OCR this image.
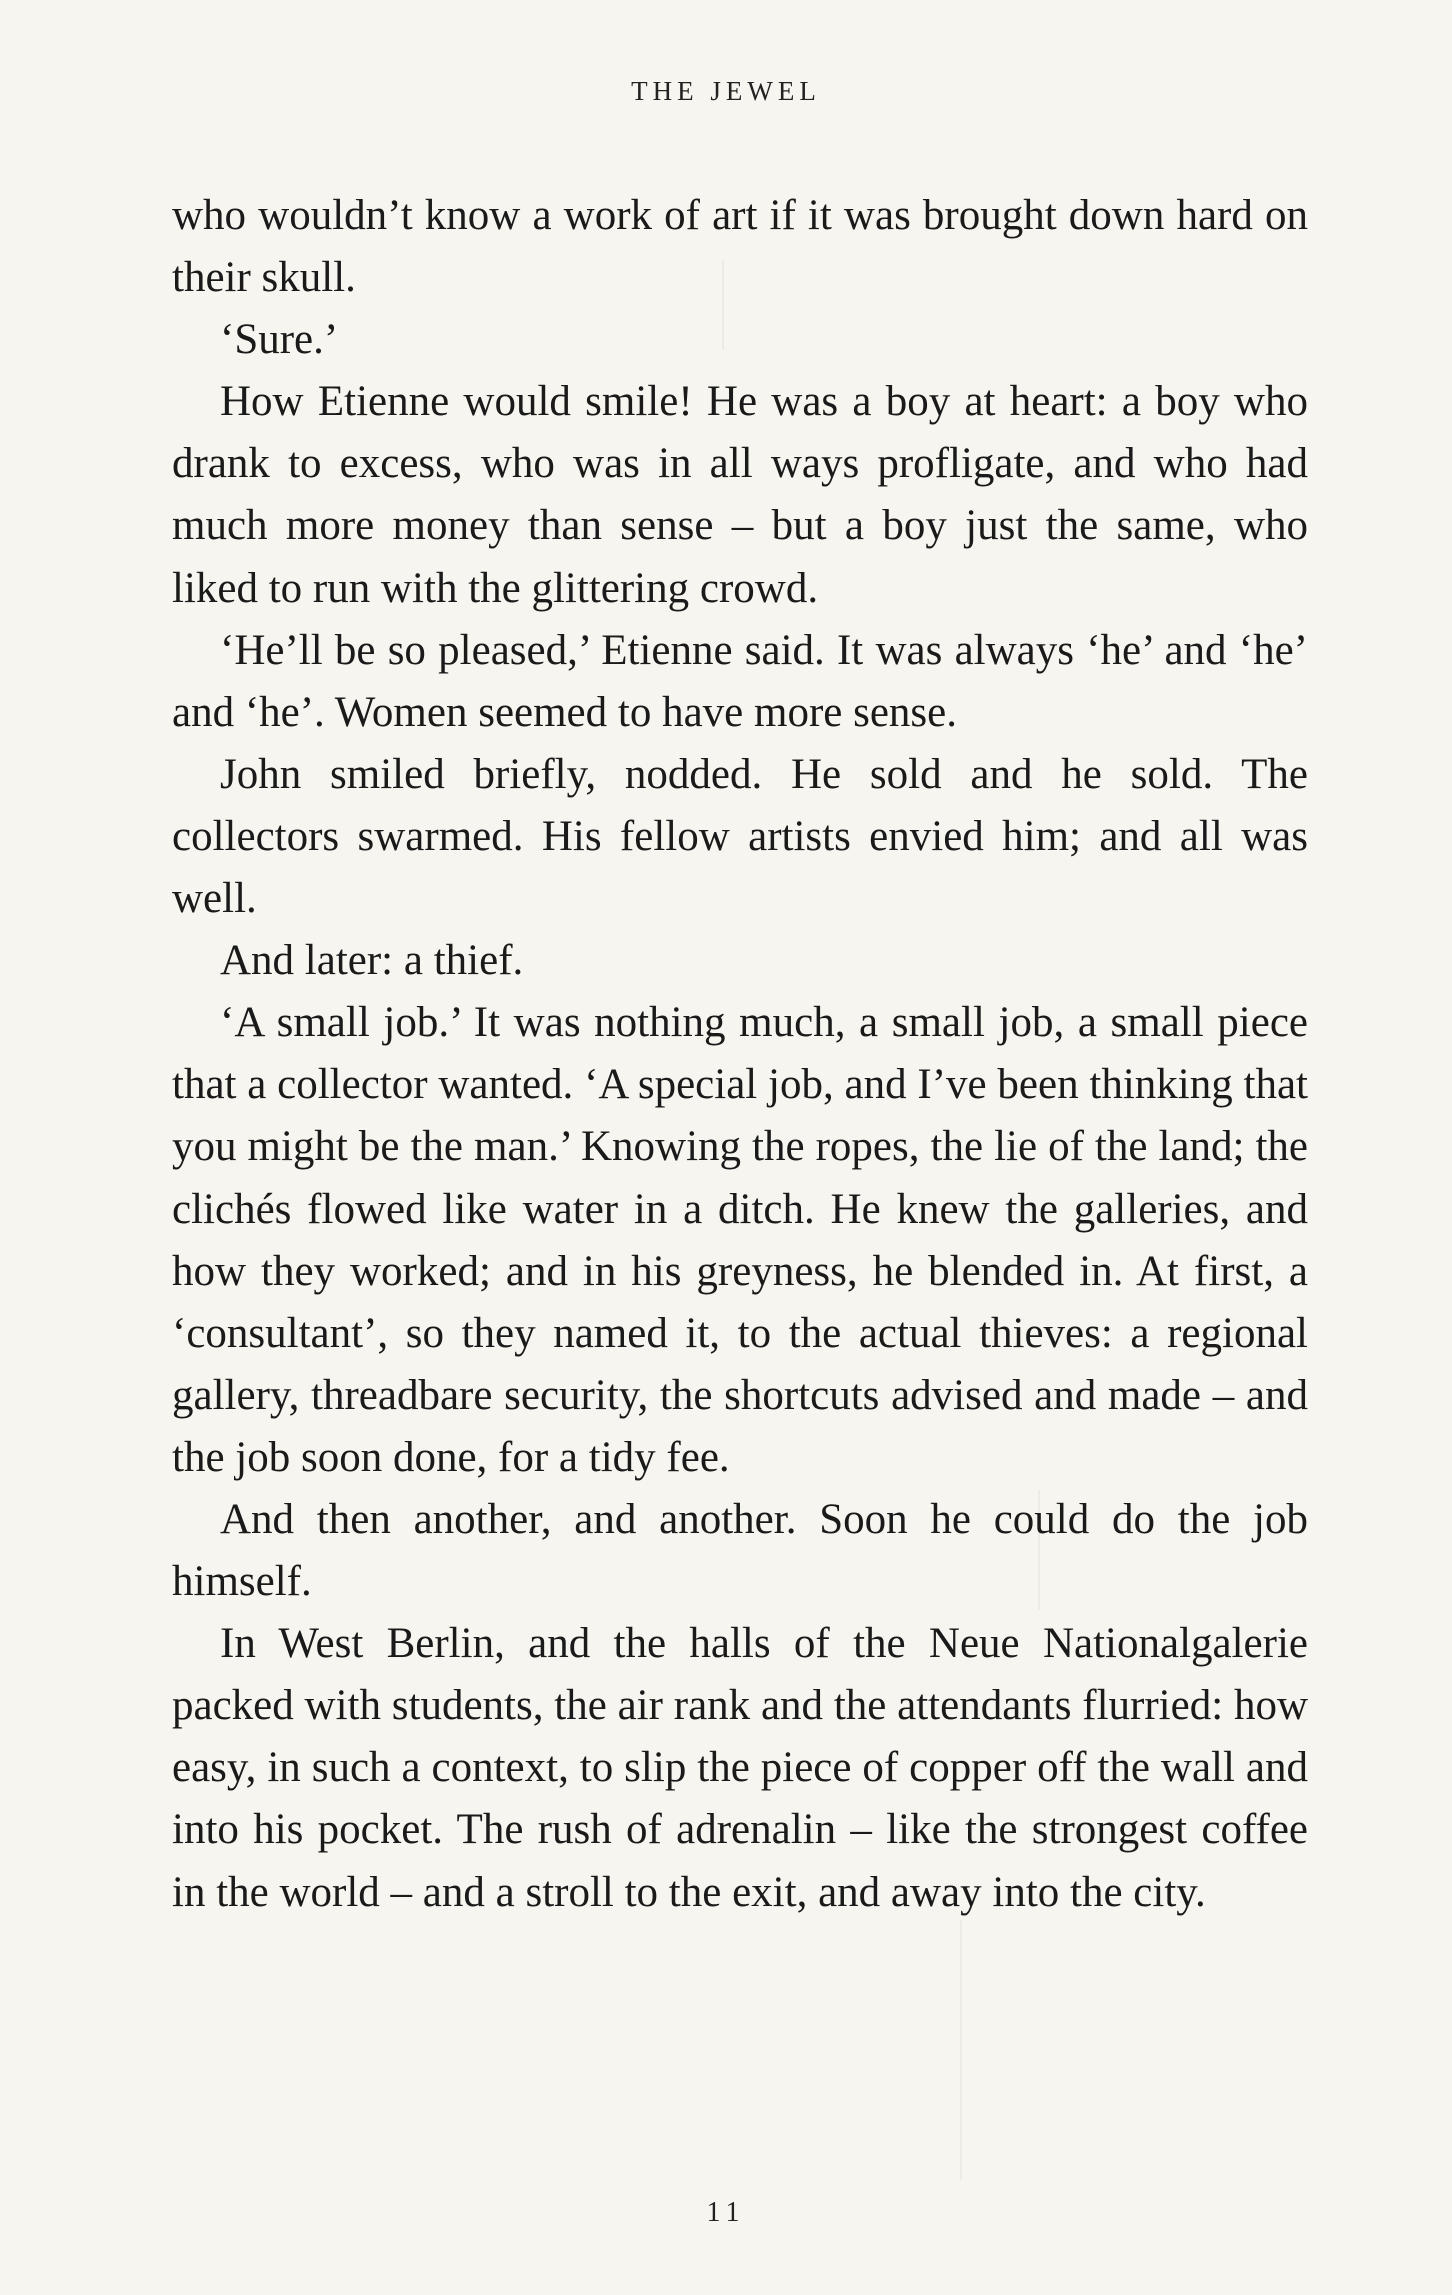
THE JEWEL

who wouldn’t know a work of art if it was brought down hard on their skull.

‘Sure.’

How Etienne would smile! He was a boy at heart: a boy who drank to excess, who was in all ways profligate, and who had much more money than sense – but a boy just the same, who liked to run with the glittering crowd.

‘He’ll be so pleased,’ Etienne said. It was always ‘he’ and ‘he’ and ‘he’. Women seemed to have more sense.

John smiled briefly, nodded. He sold and he sold. The collectors swarmed. His fellow artists envied him; and all was well.

And later: a thief.

‘A small job.’ It was nothing much, a small job, a small piece that a collector wanted. ‘A special job, and I’ve been thinking that you might be the man.’ Knowing the ropes, the lie of the land; the clichés flowed like water in a ditch. He knew the galleries, and how they worked; and in his greyness, he blended in. At first, a ‘consultant’, so they named it, to the actual thieves: a regional gallery, threadbare security, the shortcuts advised and made – and the job soon done, for a tidy fee.

And then another, and another. Soon he could do the job himself.

In West Berlin, and the halls of the Neue Nationalgalerie packed with students, the air rank and the attendants flurried: how easy, in such a context, to slip the piece of copper off the wall and into his pocket. The rush of adrenalin – like the strongest coffee in the world – and a stroll to the exit, and away into the city.

11
